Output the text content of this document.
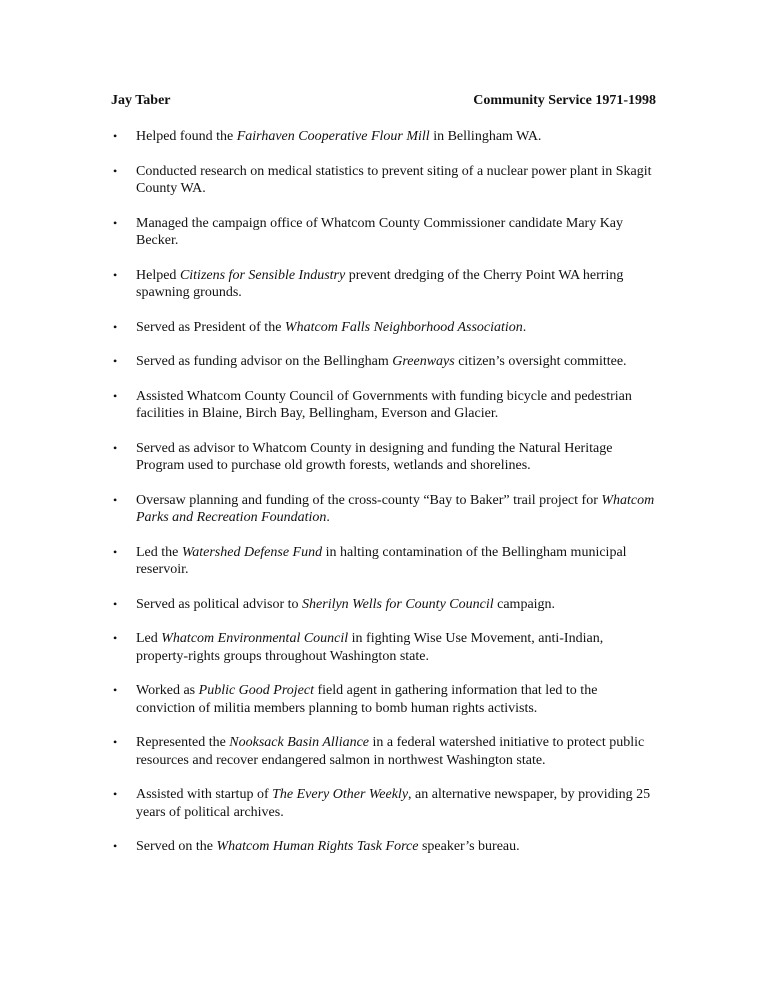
Jay Taber	Community Service 1971-1998
• Helped found the Fairhaven Cooperative Flour Mill in Bellingham WA.
• Conducted research on medical statistics to prevent siting of a nuclear power plant in Skagit County WA.
• Managed the campaign office of Whatcom County Commissioner candidate Mary Kay Becker.
• Helped Citizens for Sensible Industry prevent dredging of the Cherry Point WA herring spawning grounds.
• Served as President of the Whatcom Falls Neighborhood Association.
• Served as funding advisor on the Bellingham Greenways citizen’s oversight committee.
• Assisted Whatcom County Council of Governments with funding bicycle and pedestrian facilities in Blaine, Birch Bay, Bellingham, Everson and Glacier.
• Served as advisor to Whatcom County in designing and funding the Natural Heritage Program used to purchase old growth forests, wetlands and shorelines.
• Oversaw planning and funding of the cross-county “Bay to Baker” trail project for Whatcom Parks and Recreation Foundation.
• Led the Watershed Defense Fund in halting contamination of the Bellingham municipal reservoir.
• Served as political advisor to Sherilyn Wells for County Council campaign.
• Led Whatcom Environmental Council in fighting Wise Use Movement, anti-Indian, property-rights groups throughout Washington state.
• Worked as Public Good Project field agent in gathering information that led to the conviction of militia members planning to bomb human rights activists.
• Represented the Nooksack Basin Alliance in a federal watershed initiative to protect public resources and recover endangered salmon in northwest Washington state.
• Assisted with startup of The Every Other Weekly, an alternative newspaper, by providing 25 years of political archives.
• Served on the Whatcom Human Rights Task Force speaker’s bureau.
